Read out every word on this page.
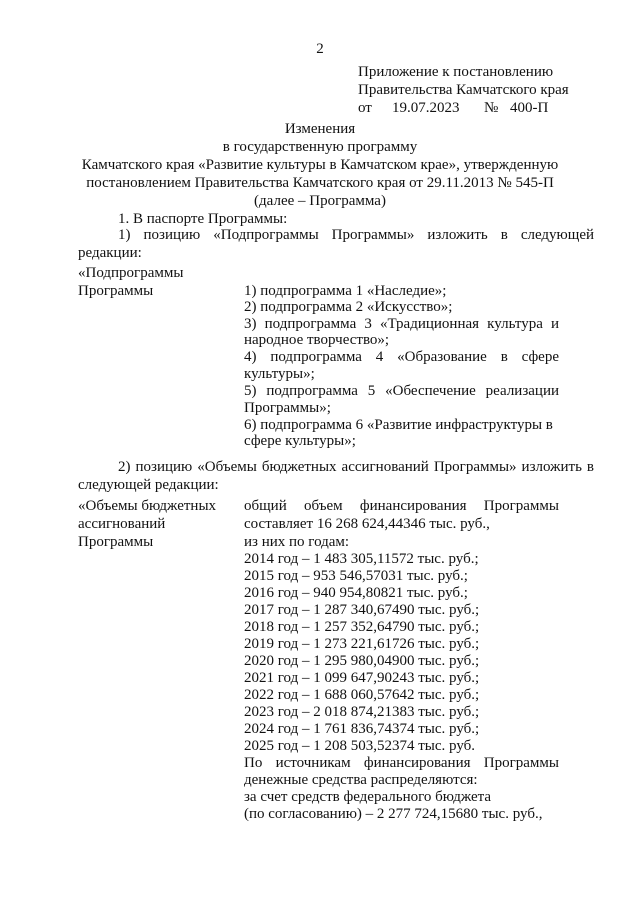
2
Приложение к постановлению
Правительства Камчатского края
от 19.07.2023 № 400-П
Изменения
в государственную программу
Камчатского края «Развитие культуры в Камчатском крае», утвержденную
постановлением Правительства Камчатского края от 29.11.2013 № 545-П
(далее – Программа)
1. В паспорте Программы:
1) позицию «Подпрограммы Программы» изложить в следующей
редакции:
«Подпрограммы
Программы	1) подпрограмма 1 «Наследие»;
2) подпрограмма 2 «Искусство»;
3) подпрограмма 3 «Традиционная культура и
народное творчество»;
4) подпрограмма 4 «Образование в сфере
культуры»;
5) подпрограмма 5 «Обеспечение реализации
Программы»;
6) подпрограмма 6 «Развитие инфраструктуры в
сфере культуры»;
2) позицию «Объемы бюджетных ассигнований Программы» изложить в
следующей редакции:
«Объемы бюджетных
ассигнований
Программы
общий объем финансирования Программы
составляет 16 268 624,44346 тыс. руб.,
из них по годам:
2014 год – 1 483 305,11572 тыс. руб.;
2015 год – 953 546,57031 тыс. руб.;
2016 год – 940 954,80821 тыс. руб.;
2017 год – 1 287 340,67490 тыс. руб.;
2018 год – 1 257 352,64790 тыс. руб.;
2019 год – 1 273 221,61726 тыс. руб.;
2020 год – 1 295 980,04900 тыс. руб.;
2021 год – 1 099 647,90243 тыс. руб.;
2022 год – 1 688 060,57642 тыс. руб.;
2023 год – 2 018 874,21383 тыс. руб.;
2024 год – 1 761 836,74374 тыс. руб.;
2025 год – 1 208 503,52374 тыс. руб.
По источникам финансирования Программы
денежные средства распределяются:
за счет средств федерального бюджета
(по согласованию) – 2 277 724,15680 тыс. руб.,
